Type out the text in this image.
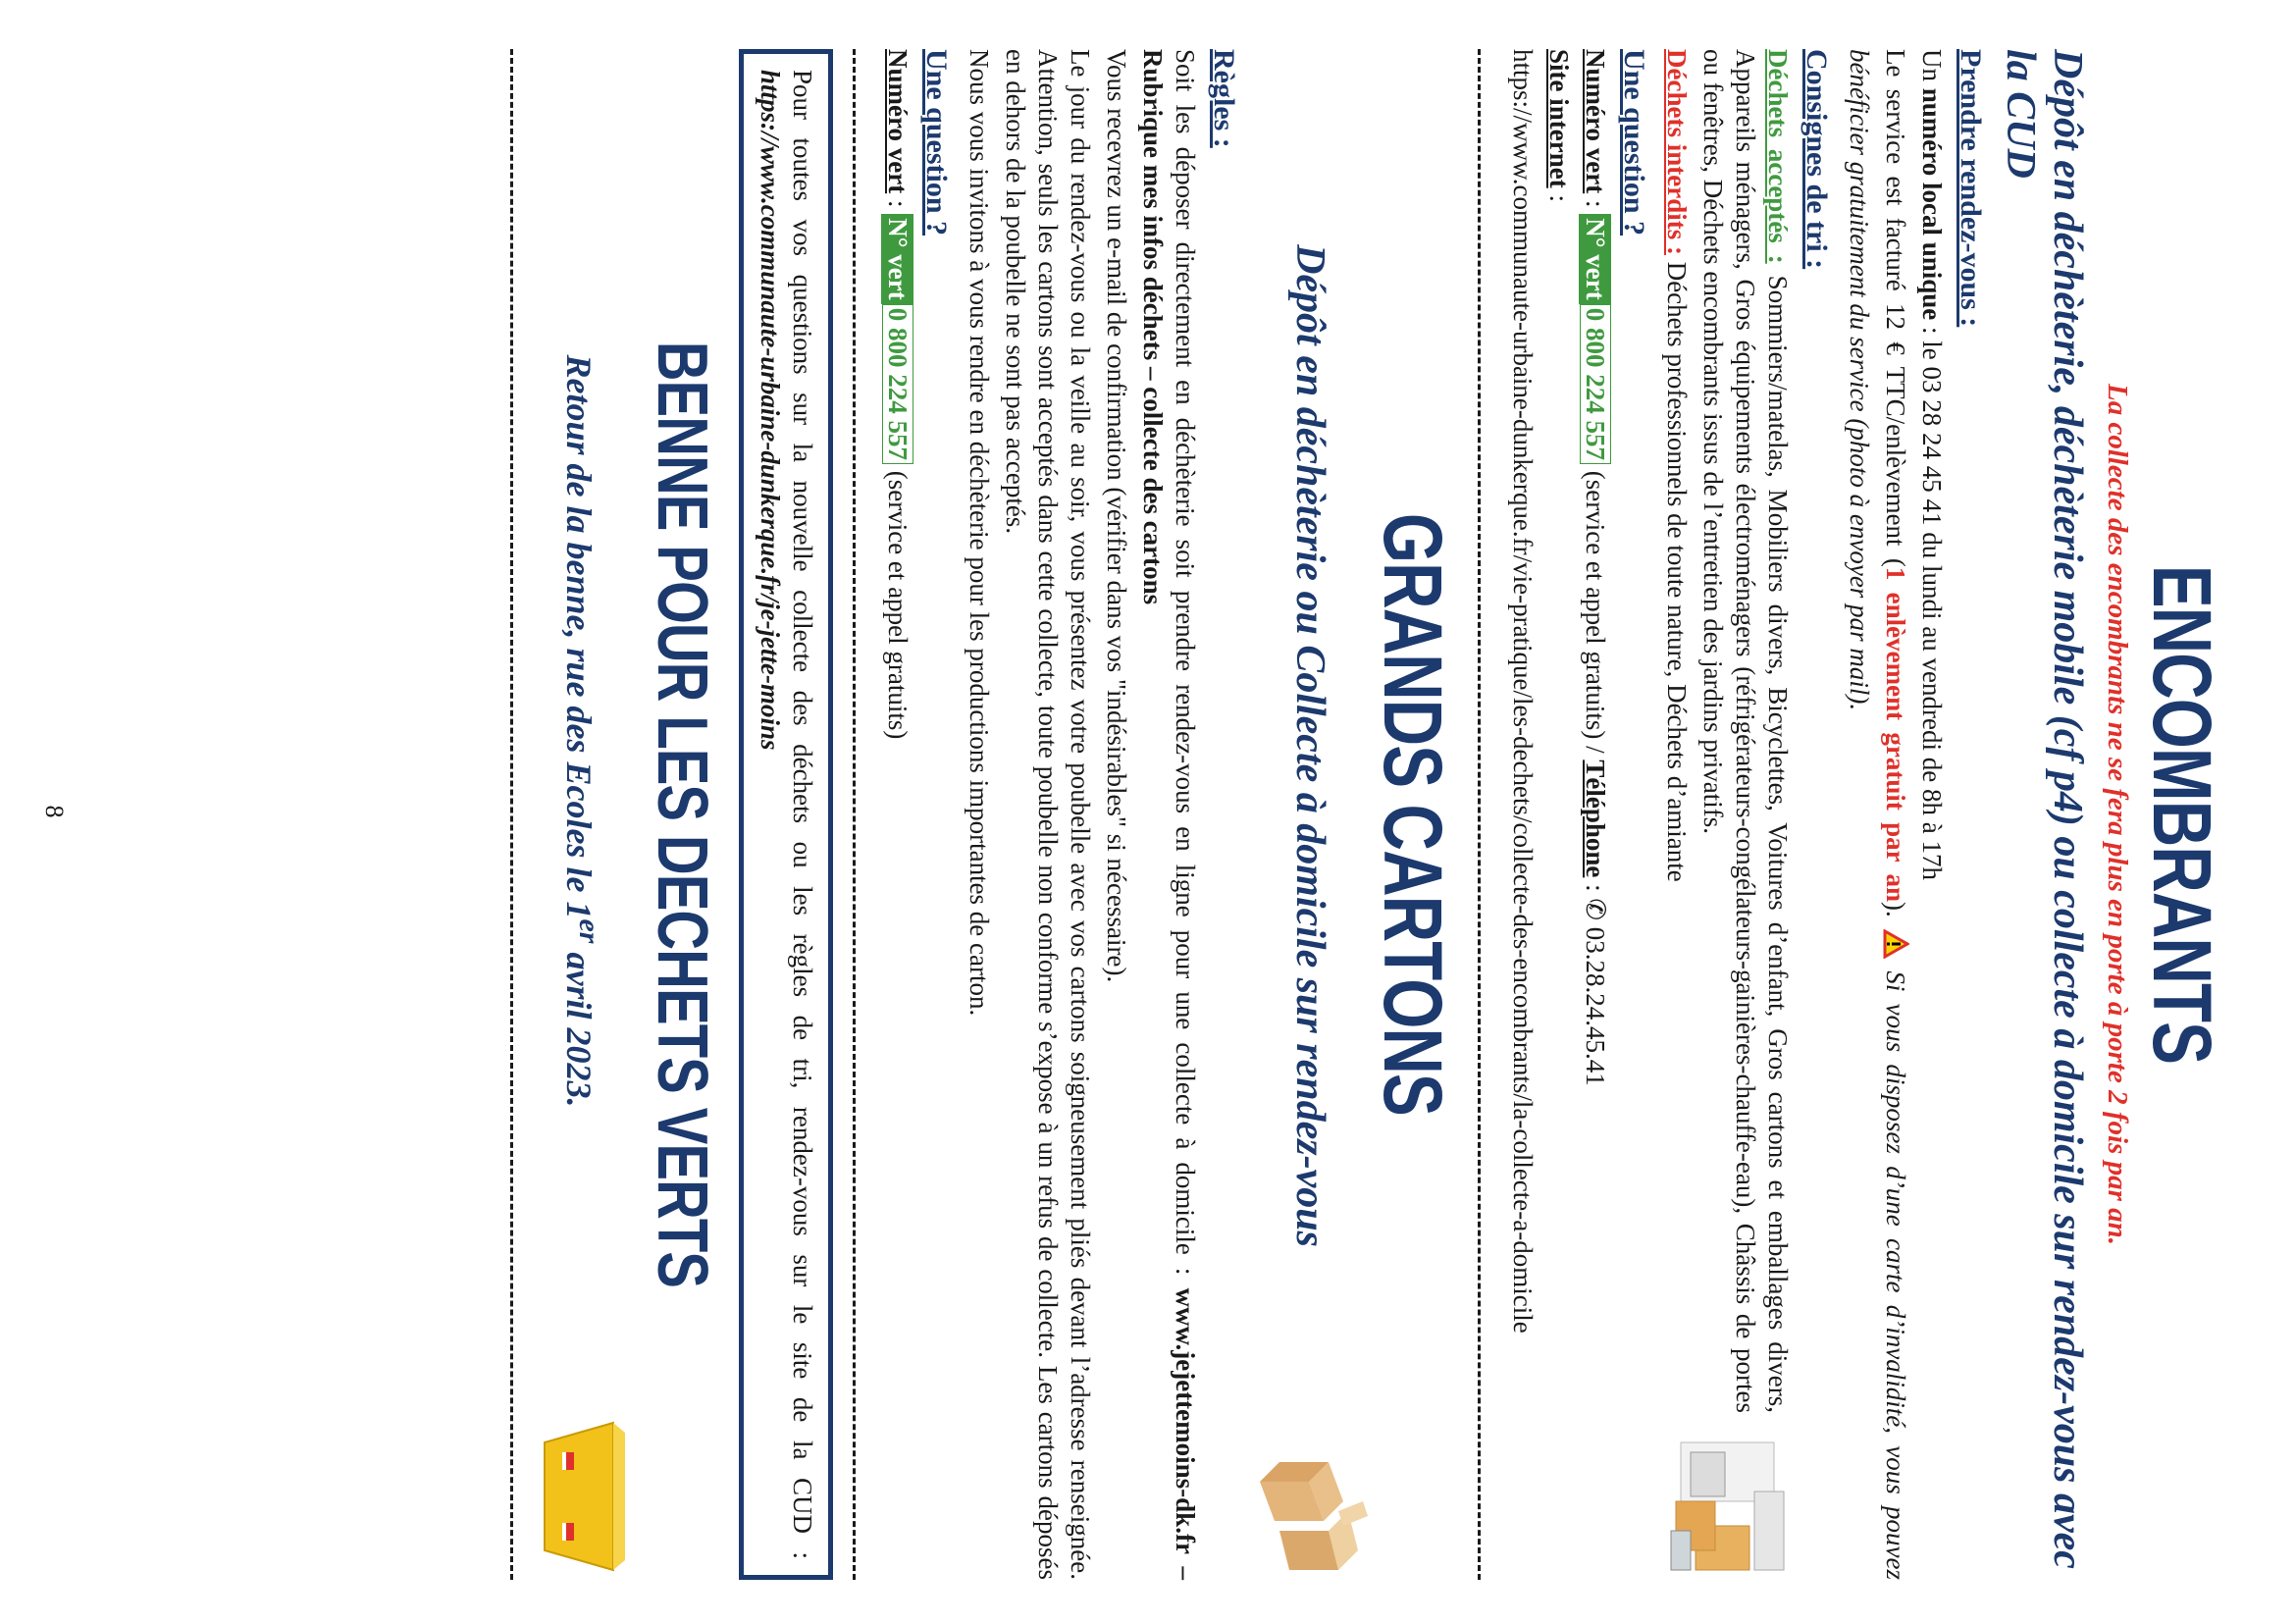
ENCOMBRANTS
La collecte des encombrants ne se fera plus en porte à porte 2 fois par an.
Dépôt en déchèterie, déchèterie mobile (cf p4) ou collecte à domicile sur rendez-vous avec la CUD
Prendre rendez-vous :

Un numéro local unique : le 03 28 24 45 41 du lundi au vendredi de 8h à 17h

Le service est facturé 12 € TTC/enlèvement (1 enlèvement gratuit par an).  Si vous disposez d’une carte d’invalidité, vous pouvez bénéficier gratuitement du service (photo à envoyer par mail).

Consignes de tri :

Déchets acceptés : Sommiers/matelas, Mobiliers divers, Bicyclettes, Voitures d’enfant, Gros cartons et emballages divers, Appareils ménagers, Gros équipements électroménagers (réfrigérateurs-congélateurs-gainières-chauffe-eau), Châssis de portes ou fenêtres, Déchets encombrants issus de l’entretien des jardins privatifs.

Déchets interdits : Déchets professionnels de toute nature, Déchets d’amiante

Une question ?

Numéro vert : N° vert0 800 224 557 (service et appel gratuits) / Téléphone : ✆ 03.28.24.45.41

Site internet :

https://www.communaute-urbaine-dunkerque.fr/vie-pratique/les-dechets/collecte-des-encombrants/la-collecte-a-domicile

GRANDS CARTONS
Dépôt en déchèterie ou Collecte à domicile sur rendez-vous
Règles :

Soit les déposer directement en déchèterie soit prendre rendez-vous en ligne pour une collecte à domicile : www.jejettemoins-dk.fr – Rubrique mes infos déchets – collecte des cartons

Vous recevrez un e-mail de confirmation (vérifier dans vos "indésirables" si nécessaire).

Le jour du rendez-vous ou la veille au soir, vous présentez votre poubelle avec vos cartons soigneusement pliés devant l’adresse renseignée. Attention, seuls les cartons sont acceptés dans cette collecte, toute poubelle non conforme s’expose à un refus de collecte. Les cartons déposés en dehors de la poubelle ne sont pas acceptés.

Nous vous invitons à vous rendre en déchèterie pour les productions importantes de carton.

Une question ?

Numéro vert : N° vert0 800 224 557 (service et appel gratuits)

Pour toutes vos questions sur la nouvelle collecte des déchets ou les règles de tri, rendez-vous sur le site de la CUD : https://www.communaute-urbaine-dunkerque.fr/je-jette-moins

BENNE POUR LES DECHETS VERTS
Retour de la benne, rue des Ecoles le 1er avril 2023.
8
